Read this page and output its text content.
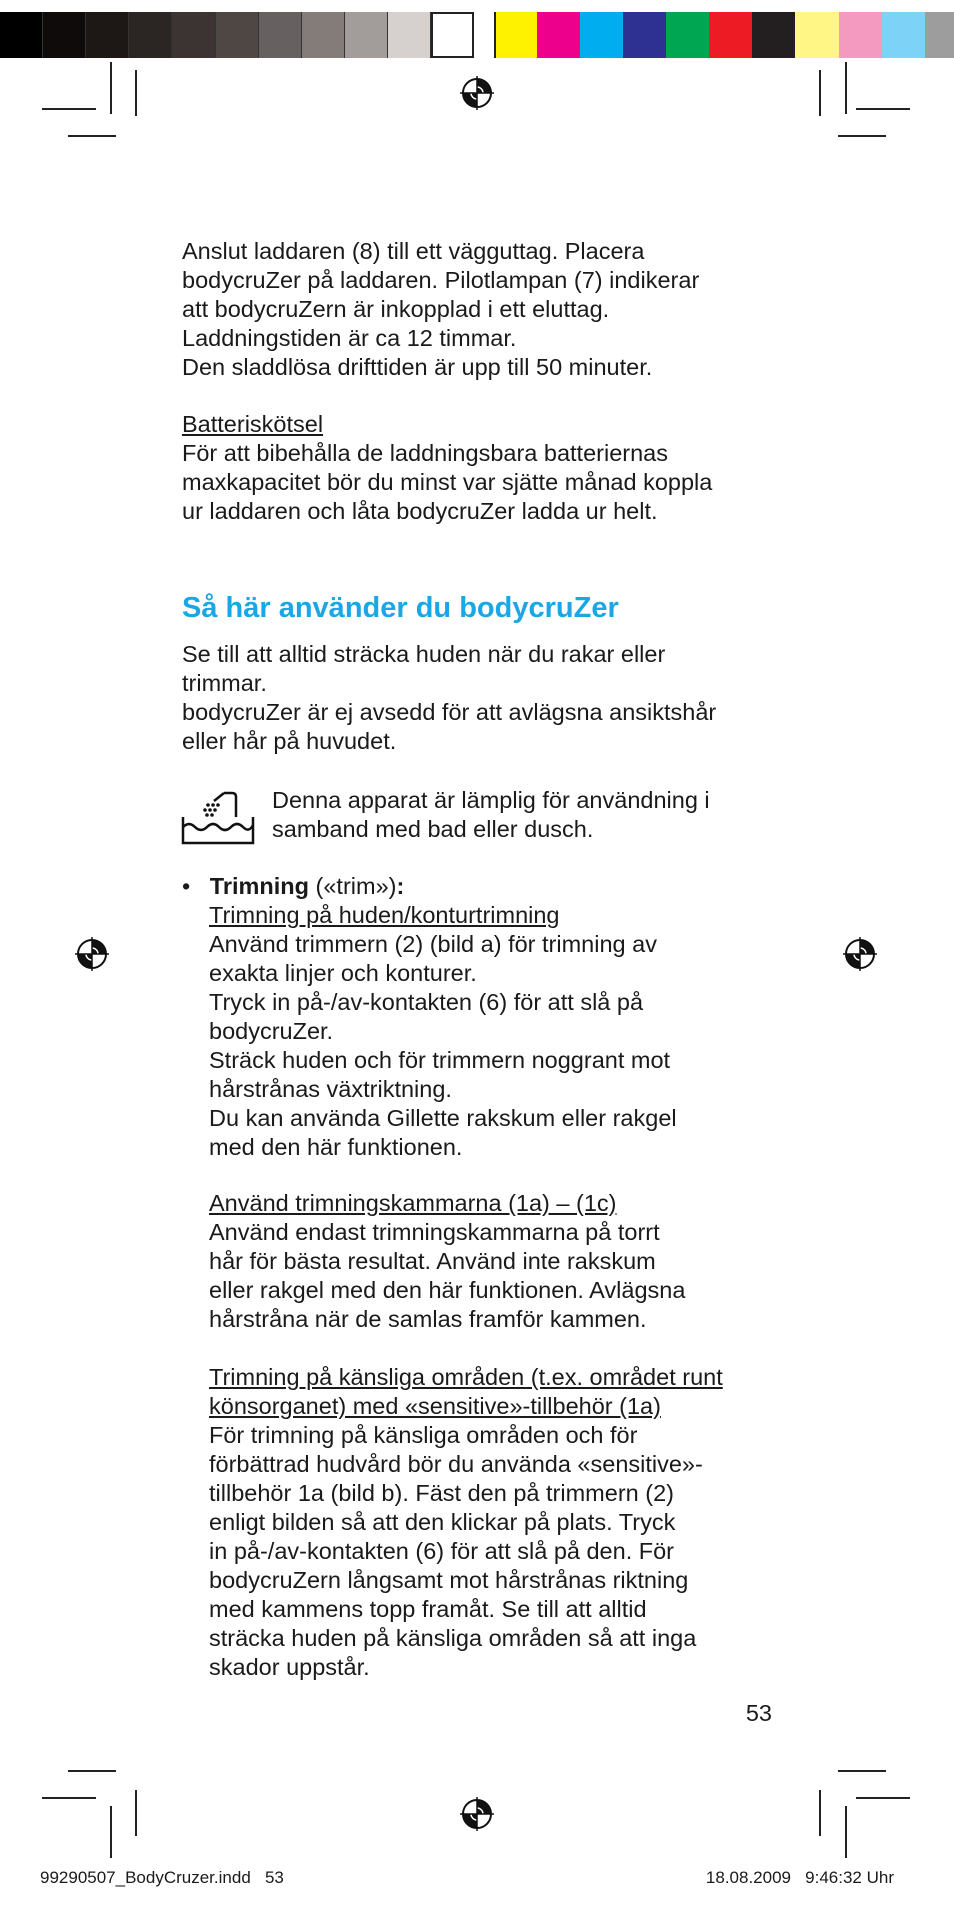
Anslut laddaren (8) till ett vägguttag. Placera

bodycruZer på laddaren. Pilotlampan (7) indikerar

att bodycruZern är inkopplad i ett eluttag.

Laddningstiden är ca 12 timmar.

Den sladdlösa drifttiden är upp till 50 minuter.

Batteriskötsel

För att bibehålla de laddningsbara batteriernas

maxkapacitet bör du minst var sjätte månad koppla

ur laddaren och låta bodycruZer ladda ur helt.

Så här använder du bodycruZer

Se till att alltid sträcka huden när du rakar eller

trimmar.

bodycruZer är ej avsedd för att avlägsna ansiktshår

eller hår på huvudet.

Denna apparat är lämplig för användning i

samband med bad eller dusch.

• Trimning («trim»):

Trimning på huden/konturtrimning

Använd trimmern (2) (bild a) för trimning av

exakta linjer och konturer.

Tryck in på-/av-kontakten (6) för att slå på

bodycruZer.

Sträck huden och för trimmern noggrant mot

hårstrånas växtriktning.

Du kan använda Gillette rakskum eller rakgel

med den här funktionen.

Använd trimningskammarna (1a) – (1c)

Använd endast trimningskammarna på torrt

hår för bästa resultat. Använd inte rakskum

eller rakgel med den här funktionen. Avlägsna

hårstråna när de samlas framför kammen.

Trimning på känsliga områden (t.ex. området runt

könsorganet) med «sensitive»-tillbehör (1a)

För trimning på känsliga områden och för

förbättrad hudvård bör du använda «sensitive»-

tillbehör 1a (bild b). Fäst den på trimmern (2)

enligt bilden så att den klickar på plats. Tryck

in på-/av-kontakten (6) för att slå på den. För

bodycruZern långsamt mot hårstrånas riktning

med kammens topp framåt. Se till att alltid

sträcka huden på känsliga områden så att inga

skador uppstår.

53
99290507_BodyCruzer.indd   53	18.08.2009   9:46:32 Uhr
